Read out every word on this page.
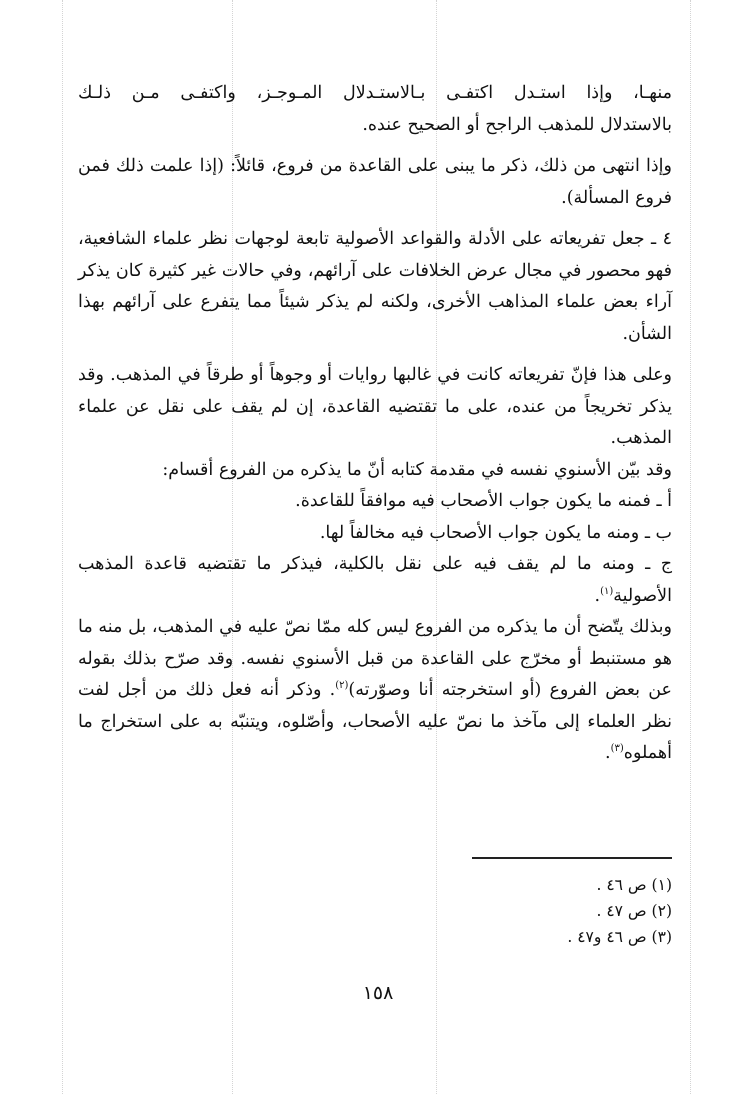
منهـا، وإذا استـدل اكتفـى بـالاستـدلال المـوجـز، واكتفـى مـن ذلـك

بالاستدلال للمذهب الراجح أو الصحيح عنده.

وإذا انتهى من ذلك، ذكر ما يبنى على القاعدة من فروع، قائلاً: (إذا علمت ذلك فمن فروع المسألة).

٤ ـ جعل تفريعاته على الأدلة والقواعد الأصولية تابعة لوجهات نظر علماء الشافعية، فهو محصور في مجال عرض الخلافات على آرائهم، وفي حالات غير كثيرة كان يذكر آراء بعض علماء المذاهب الأخرى، ولكنه لم يذكر شيئاً مما يتفرع على آرائهم بهذا الشأن.

وعلى هذا فإنّ تفريعاته كانت في غالبها روايات أو وجوهاً أو طرقاً في المذهب. وقد يذكر تخريجاً من عنده، على ما تقتضيه القاعدة، إن لم يقف على نقل عن علماء المذهب.

وقد بيّن الأسنوي نفسه في مقدمة كتابه أنّ ما يذكره من الفروع أقسام:

أ ـ فمنه ما يكون جواب الأصحاب فيه موافقاً للقاعدة.

ب ـ ومنه ما يكون جواب الأصحاب فيه مخالفاً لها.

ج ـ ومنه ما لم يقف فيه على نقل بالكلية، فيذكر ما تقتضيه قاعدة المذهب الأصولية$^{(١)}$.

وبذلك يتّضح أن ما يذكره من الفروع ليس كله ممّا نصّ عليه في المذهب، بل منه ما هو مستنبط أو مخرّج على القاعدة من قبل الأسنوي نفسه. وقد صرّح بذلك بقوله عن بعض الفروع (أو استخرجته أنا وصوّرته)$^{(٢)}$. وذكر أنه فعل ذلك من أجل لفت نظر العلماء إلى مآخذ ما نصّ عليه الأصحاب، وأصّلوه، ويتنبّه به على استخراج ما أهملوه$^{(٣)}$.

(١) ص ٤٦ .
(٢) ص ٤٧ .
(٣) ص ٤٦ و٤٧ .
١٥٨
